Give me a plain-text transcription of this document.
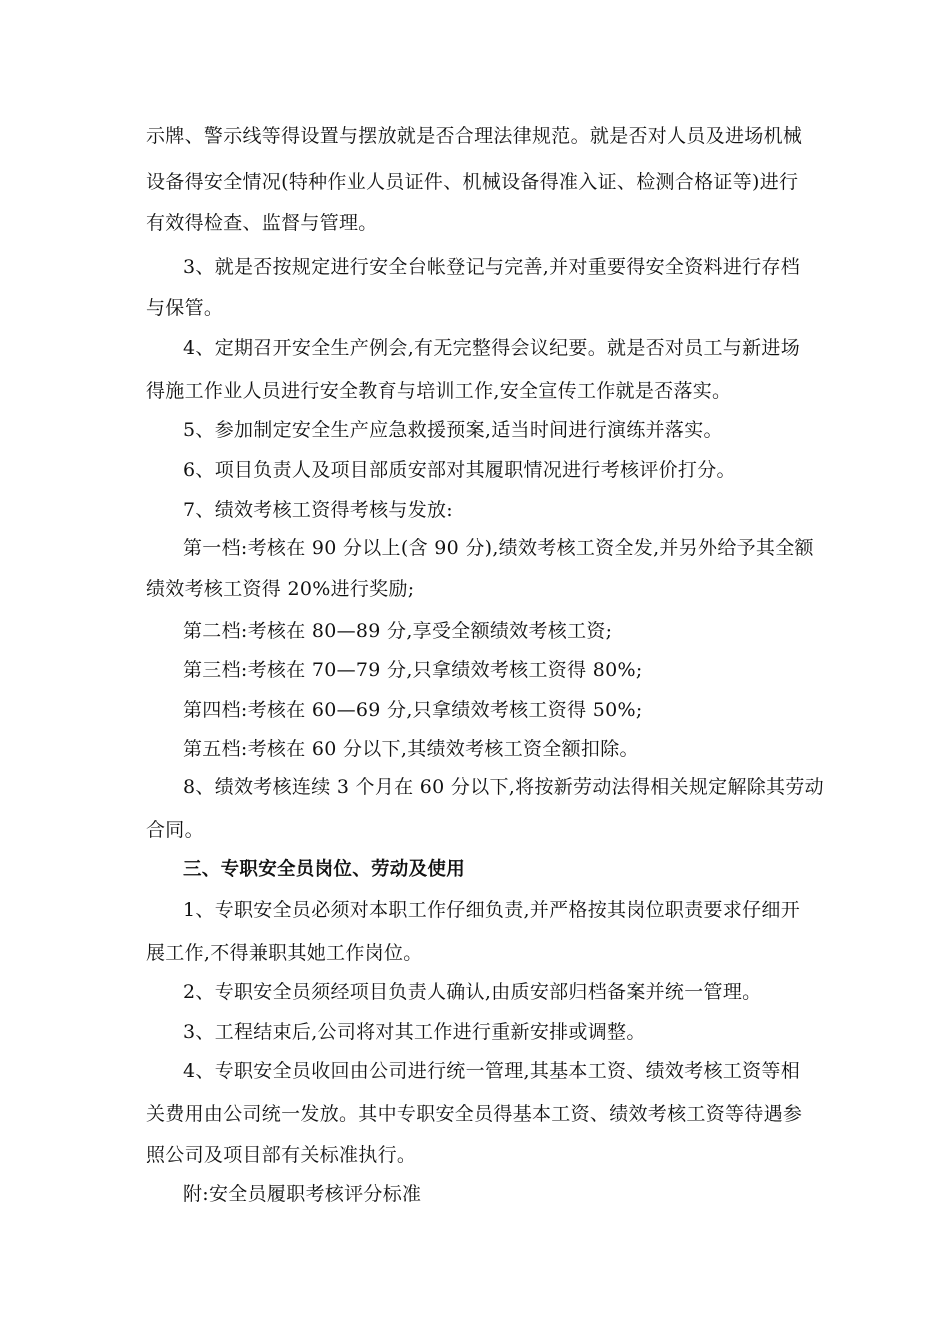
示牌、警示线等得设置与摆放就是否合理法律规范。就是否对人员及进场机械
设备得安全情况(特种作业人员证件、机械设备得准入证、检测合格证等)进行
有效得检查、监督与管理。
3、就是否按规定进行安全台帐登记与完善,并对重要得安全资料进行存档
与保管。
4、定期召开安全生产例会,有无完整得会议纪要。就是否对员工与新进场
得施工作业人员进行安全教育与培训工作,安全宣传工作就是否落实。
5、参加制定安全生产应急救援预案,适当时间进行演练并落实。
6、项目负责人及项目部质安部对其履职情况进行考核评价打分。
7、绩效考核工资得考核与发放:
第一档:考核在 90 分以上(含 90 分),绩效考核工资全发,并另外给予其全额
绩效考核工资得 20%进行奖励;
第二档:考核在 80—89 分,享受全额绩效考核工资;
第三档:考核在 70—79 分,只拿绩效考核工资得 80%;
第四档:考核在 60—69 分,只拿绩效考核工资得 50%;
第五档:考核在 60 分以下,其绩效考核工资全额扣除。
8、绩效考核连续 3 个月在 60 分以下,将按新劳动法得相关规定解除其劳动
合同。
三、专职安全员岗位、劳动及使用
1、专职安全员必须对本职工作仔细负责,并严格按其岗位职责要求仔细开
展工作,不得兼职其她工作岗位。
2、专职安全员须经项目负责人确认,由质安部归档备案并统一管理。
3、工程结束后,公司将对其工作进行重新安排或调整。
4、专职安全员收回由公司进行统一管理,其基本工资、绩效考核工资等相
关费用由公司统一发放。其中专职安全员得基本工资、绩效考核工资等待遇参
照公司及项目部有关标准执行。
附:安全员履职考核评分标准
